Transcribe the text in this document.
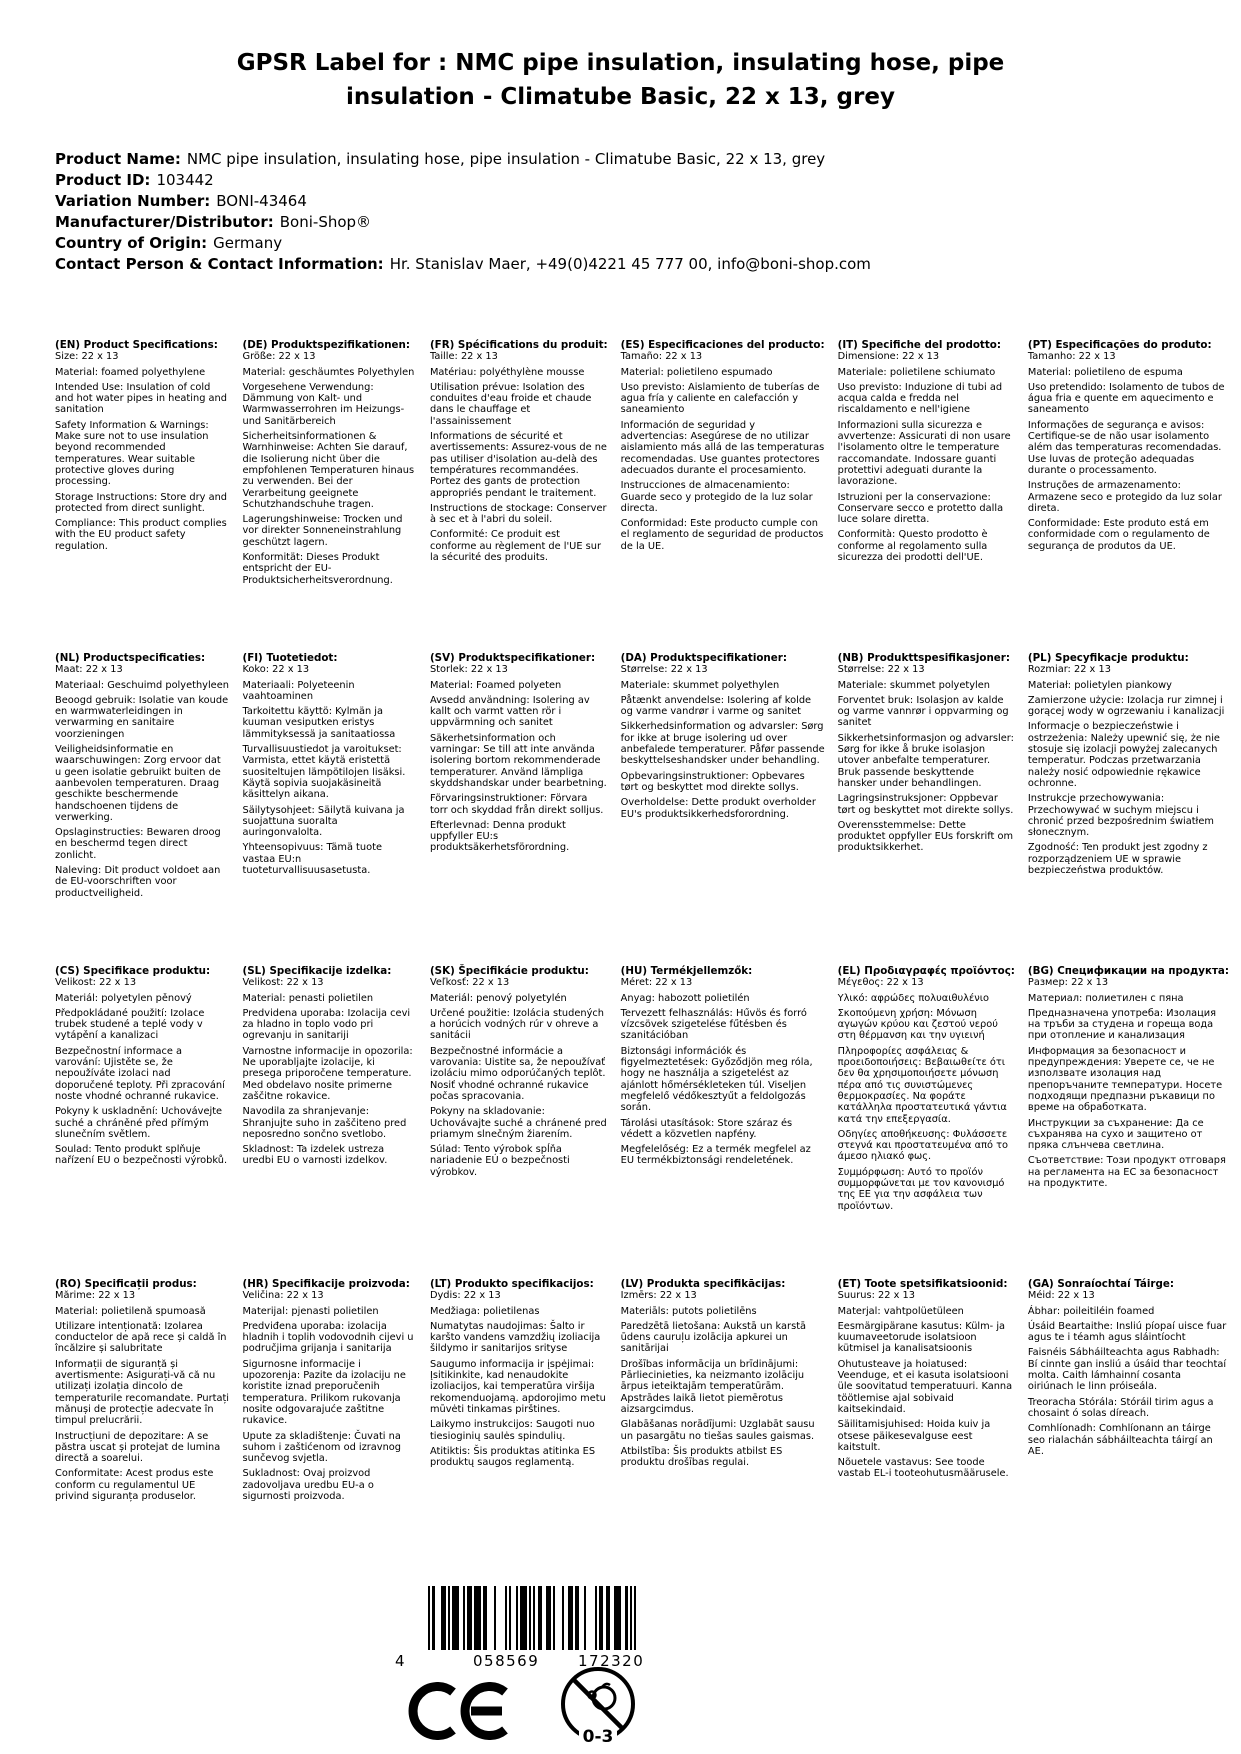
GPSR Label for : NMC pipe insulation, insulating hose, pipe
insulation - Climatube Basic, 22 x 13, grey
Product Name: NMC pipe insulation, insulating hose, pipe insulation - Climatube Basic, 22 x 13, grey
Product ID: 103442
Variation Number: BONI-43464
Manufacturer/Distributor: Boni-Shop®
Country of Origin: Germany
Contact Person & Contact Information: Hr. Stanislav Maer, +49(0)4221 45 777 00, info@boni-shop.com
(EN) Product Specifications:

Size: 22 x 13

Material: foamed polyethylene

Intended Use: Insulation of cold and hot water pipes in heating and sanitation

Safety Information & Warnings: Make sure not to use insulation beyond recommended temperatures. Wear suitable protective gloves during processing.

Storage Instructions: Store dry and protected from direct sunlight.

Compliance: This product complies with the EU product safety regulation.

(DE) Produktspezifikationen:

Größe: 22 x 13

Material: geschäumtes Polyethylen

Vorgesehene Verwendung: Dämmung von Kalt- und Warmwasserrohren im Heizungs- und Sanitärbereich

Sicherheitsinformationen & Warnhinweise: Achten Sie darauf, die Isolierung nicht über die empfohlenen Temperaturen hinaus zu verwenden. Bei der Verarbeitung geeignete Schutzhandschuhe tragen.

Lagerungshinweise: Trocken und vor direkter Sonneneinstrahlung geschützt lagern.

Konformität: Dieses Produkt entspricht der EU-Produktsicherheitsverordnung.

(FR) Spécifications du produit:

Taille: 22 x 13

Matériau: polyéthylène mousse

Utilisation prévue: Isolation des conduites d'eau froide et chaude dans le chauffage et l'assainissement

Informations de sécurité et avertissements: Assurez-vous de ne pas utiliser d'isolation au-delà des températures recommandées. Portez des gants de protection appropriés pendant le traitement.

Instructions de stockage: Conserver à sec et à l'abri du soleil.

Conformité: Ce produit est conforme au règlement de l'UE sur la sécurité des produits.

(ES) Especificaciones del producto:

Tamaño: 22 x 13

Material: polietileno espumado

Uso previsto: Aislamiento de tuberías de agua fría y caliente en calefacción y saneamiento

Información de seguridad y advertencias: Asegúrese de no utilizar aislamiento más allá de las temperaturas recomendadas. Use guantes protectores adecuados durante el procesamiento.

Instrucciones de almacenamiento: Guarde seco y protegido de la luz solar directa.

Conformidad: Este producto cumple con el reglamento de seguridad de productos de la UE.

(IT) Specifiche del prodotto:

Dimensione: 22 x 13

Materiale: polietilene schiumato

Uso previsto: Induzione di tubi ad acqua calda e fredda nel riscaldamento e nell'igiene

Informazioni sulla sicurezza e avvertenze: Assicurati di non usare l'isolamento oltre le temperature raccomandate. Indossare guanti protettivi adeguati durante la lavorazione.

Istruzioni per la conservazione: Conservare secco e protetto dalla luce solare diretta.

Conformità: Questo prodotto è conforme al regolamento sulla sicurezza dei prodotti dell'UE.

(PT) Especificações do produto:

Tamanho: 22 x 13

Material: polietileno de espuma

Uso pretendido: Isolamento de tubos de água fria e quente em aquecimento e saneamento

Informações de segurança e avisos: Certifique-se de não usar isolamento além das temperaturas recomendadas. Use luvas de proteção adequadas durante o processamento.

Instruções de armazenamento: Armazene seco e protegido da luz solar direta.

Conformidade: Este produto está em conformidade com o regulamento de segurança de produtos da UE.

(NL) Productspecificaties:

Maat: 22 x 13

Materiaal: Geschuimd polyethyleen

Beoogd gebruik: Isolatie van koude en warmwaterleidingen in verwarming en sanitaire voorzieningen

Veiligheidsinformatie en waarschuwingen: Zorg ervoor dat u geen isolatie gebruikt buiten de aanbevolen temperaturen. Draag geschikte beschermende handschoenen tijdens de verwerking.

Opslaginstructies: Bewaren droog en beschermd tegen direct zonlicht.

Naleving: Dit product voldoet aan de EU-voorschriften voor productveiligheid.

(FI) Tuotetiedot:

Koko: 22 x 13

Materiaali: Polyeteenin vaahtoaminen

Tarkoitettu käyttö: Kylmän ja kuuman vesiputken eristys lämmityksessä ja sanitaatiossa

Turvallisuustiedot ja varoitukset: Varmista, ettet käytä eristettä suositeltujen lämpötilojen lisäksi. Käytä sopivia suojakäsineitä käsittelyn aikana.

Säilytysohjeet: Säilytä kuivana ja suojattuna suoralta auringonvalolta.

Yhteensopivuus: Tämä tuote vastaa EU:n tuoteturvallisuusasetusta.

(SV) Produktspecifikationer:

Storlek: 22 x 13

Material: Foamed polyeten

Avsedd användning: Isolering av kallt och varmt vatten rör i uppvärmning och sanitet

Säkerhetsinformation och varningar: Se till att inte använda isolering bortom rekommenderade temperaturer. Använd lämpliga skyddshandskar under bearbetning.

Förvaringsinstruktioner: Förvara torr och skyddad från direkt solljus.

Efterlevnad: Denna produkt uppfyller EU:s produktsäkerhetsförordning.

(DA) Produktspecifikationer:

Størrelse: 22 x 13

Materiale: skummet polyethylen

Påtænkt anvendelse: Isolering af kolde og varme vandrør i varme og sanitet

Sikkerhedsinformation og advarsler: Sørg for ikke at bruge isolering ud over anbefalede temperaturer. Påfør passende beskyttelseshandsker under behandling.

Opbevaringsinstruktioner: Opbevares tørt og beskyttet mod direkte sollys.

Overholdelse: Dette produkt overholder EU's produktsikkerhedsforordning.

(NB) Produkttspesifikasjoner:

Størrelse: 22 x 13

Materiale: skummet polyetylen

Forventet bruk: Isolasjon av kalde og varme vannrør i oppvarming og sanitet

Sikkerhetsinformasjon og advarsler: Sørg for ikke å bruke isolasjon utover anbefalte temperaturer. Bruk passende beskyttende hansker under behandlingen.

Lagringsinstruksjoner: Oppbevar tørt og beskyttet mot direkte sollys.

Overensstemmelse: Dette produktet oppfyller EUs forskrift om produktsikkerhet.

(PL) Specyfikacje produktu:

Rozmiar: 22 x 13

Materiał: polietylen piankowy

Zamierzone użycie: Izolacja rur zimnej i gorącej wody w ogrzewaniu i kanalizacji

Informacje o bezpieczeństwie i ostrzeżenia: Należy upewnić się, że nie stosuje się izolacji powyżej zalecanych temperatur. Podczas przetwarzania należy nosić odpowiednie rękawice ochronne.

Instrukcje przechowywania: Przechowywać w suchym miejscu i chronić przed bezpośrednim światłem słonecznym.

Zgodność: Ten produkt jest zgodny z rozporządzeniem UE w sprawie bezpieczeństwa produktów.

(CS) Specifikace produktu:

Velikost: 22 x 13

Materiál: polyetylen pěnový

Předpokládané použití: Izolace trubek studené a teplé vody v vytápění a kanalizaci

Bezpečnostní informace a varování: Ujistěte se, že nepoužíváte izolaci nad doporučené teploty. Při zpracování noste vhodné ochranné rukavice.

Pokyny k uskladnění: Uchovávejte suché a chráněné před přímým slunečním světlem.

Soulad: Tento produkt splňuje nařízení EU o bezpečnosti výrobků.

(SL) Specifikacije izdelka:

Velikost: 22 x 13

Material: penasti polietilen

Predvidena uporaba: Izolacija cevi za hladno in toplo vodo pri ogrevanju in sanitariji

Varnostne informacije in opozorila: Ne uporabljajte izolacije, ki presega priporočene temperature. Med obdelavo nosite primerne zaščitne rokavice.

Navodila za shranjevanje: Shranjujte suho in zaščiteno pred neposredno sončno svetlobo.

Skladnost: Ta izdelek ustreza uredbi EU o varnosti izdelkov.

(SK) Špecifikácie produktu:

Veľkosť: 22 x 13

Materiál: penový polyetylén

Určené použitie: Izolácia studených a horúcich vodných rúr v ohreve a sanitácii

Bezpečnostné informácie a varovania: Uistite sa, že nepoužívať izoláciu mimo odporúčaných teplôt. Nosiť vhodné ochranné rukavice počas spracovania.

Pokyny na skladovanie: Uchovávajte suché a chránené pred priamym slnečným žiarením.

Súlad: Tento výrobok spĺňa nariadenie EÚ o bezpečnosti výrobkov.

(HU) Termékjellemzők:

Méret: 22 x 13

Anyag: habozott polietilén

Tervezett felhasználás: Hűvös és forró vízcsövek szigetelése fűtésben és szanitációban

Biztonsági információk és figyelmeztetések: Győződjön meg róla, hogy ne használja a szigetelést az ajánlott hőmérsékleteken túl. Viseljen megfelelő védőkesztyűt a feldolgozás során.

Tárolási utasítások: Store száraz és védett a közvetlen napfény.

Megfelelőség: Ez a termék megfelel az EU termékbiztonsági rendeletének.

(EL) Προδιαγραφές προϊόντος:

Μέγεθος: 22 x 13

Υλικό: αφρώδες πολυαιθυλένιο

Σκοπούμενη χρήση: Μόνωση αγωγών κρύου και ζεστού νερού στη θέρμανση και την υγιεινή

Πληροφορίες ασφάλειας & προειδοποιήσεις: Βεβαιωθείτε ότι δεν θα χρησιμοποιήσετε μόνωση πέρα από τις συνιστώμενες θερμοκρασίες. Να φοράτε κατάλληλα προστατευτικά γάντια κατά την επεξεργασία.

Οδηγίες αποθήκευσης: Φυλάσσετε στεγνά και προστατευμένα από το άμεσο ηλιακό φως.

Συμμόρφωση: Αυτό το προϊόν συμμορφώνεται με τον κανονισμό της ΕΕ για την ασφάλεια των προϊόντων.

(BG) Спецификации на продукта:

Размер: 22 x 13

Материал: полиетилен с пяна

Предназначена употреба: Изолация на тръби за студена и гореща вода при отопление и канализация

Информация за безопасност и предупреждения: Уверете се, че не използвате изолация над препоръчаните температури. Носете подходящи предпазни ръкавици по време на обработката.

Инструкции за съхранение: Да се съхранява на сухо и защитено от пряка слънчева светлина.

Съответствие: Този продукт отговаря на регламента на ЕС за безопасност на продуктите.

(RO) Specificații produs:

Mărime: 22 x 13

Material: polietilenă spumoasă

Utilizare intenționată: Izolarea conductelor de apă rece și caldă în încălzire și salubritate

Informații de siguranță și avertismente: Asigurați-vă că nu utilizați izolația dincolo de temperaturile recomandate. Purtați mănuși de protecție adecvate în timpul prelucrării.

Instrucțiuni de depozitare: A se păstra uscat și protejat de lumina directă a soarelui.

Conformitate: Acest produs este conform cu regulamentul UE privind siguranța produselor.

(HR) Specifikacije proizvoda:

Veličina: 22 x 13

Materijal: pjenasti polietilen

Predviđena uporaba: izolacija hladnih i toplih vodovodnih cijevi u područjima grijanja i sanitarija

Sigurnosne informacije i upozorenja: Pazite da izolaciju ne koristite iznad preporučenih temperatura. Prilikom rukovanja nosite odgovarajuće zaštitne rukavice.

Upute za skladištenje: Čuvati na suhom i zaštićenom od izravnog sunčevog svjetla.

Sukladnost: Ovaj proizvod zadovoljava uredbu EU-a o sigurnosti proizvoda.

(LT) Produkto specifikacijos:

Dydis: 22 x 13

Medžiaga: polietilenas

Numatytas naudojimas: Šalto ir karšto vandens vamzdžių izoliacija šildymo ir sanitarijos srityse

Saugumo informacija ir įspėjimai: Įsitikinkite, kad nenaudokite izoliacijos, kai temperatūra viršija rekomenduojamą. apdorojimo metu mūvėti tinkamas pirštines.

Laikymo instrukcijos: Saugoti nuo tiesioginių saulės spindulių.

Atitiktis: Šis produktas atitinka ES produktų saugos reglamentą.

(LV) Produkta specifikācijas:

Izmērs: 22 x 13

Materiāls: putots polietilēns

Paredzētā lietošana: Aukstā un karstā ūdens cauruļu izolācija apkurei un sanitārijai

Drošības informācija un brīdinājumi: Pārliecinieties, ka neizmanto izolāciju ārpus ieteiktajām temperatūrām. Apstrādes laikā lietot piemērotus aizsargcimdus.

Glabāšanas norādījumi: Uzglabāt sausu un pasargātu no tiešas saules gaismas.

Atbilstība: Šis produkts atbilst ES produktu drošības regulai.

(ET) Toote spetsifikatsioonid:

Suurus: 22 x 13

Materjal: vahtpolüetüleen

Eesmärgipärane kasutus: Külm- ja kuumaveetorude isolatsioon kütmisel ja kanalisatsioonis

Ohutusteave ja hoiatused: Veenduge, et ei kasuta isolatsiooni üle soovitatud temperatuuri. Kanna töötlemise ajal sobivaid kaitsekindaid.

Säilitamisjuhised: Hoida kuiv ja otsese päikesevalguse eest kaitstult.

Nõuetele vastavus: See toode vastab EL-i tooteohutusmäärusele.

(GA) Sonraíochtaí Táirge:

Méid: 22 x 13

Ábhar: poileitiléin foamed

Úsáid Beartaithe: Insliú píopaí uisce fuar agus te i téamh agus sláintíocht

Faisnéis Sábháilteachta agus Rabhadh: Bí cinnte gan insliú a úsáid thar teochtaí molta. Caith lámhainní cosanta oiriúnach le linn próiseála.

Treoracha Stórála: Stóráil tirim agus a chosaint ó solas díreach.

Comhlíonadh: Comhlíonann an táirge seo rialachán sábháilteachta táirgí an AE.

4	058569	172320
0-3
